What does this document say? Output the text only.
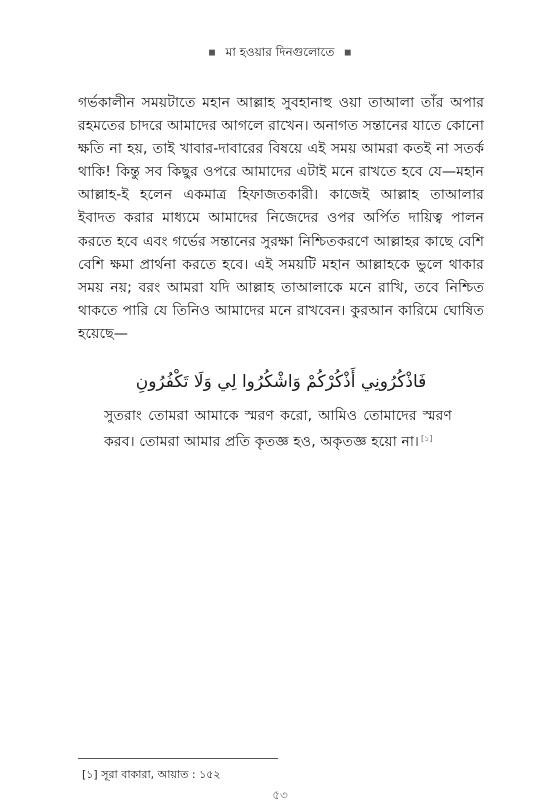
◼ মা হওয়ার দিনগুলোতে ◼

গর্ভকালীন সময়টাতে মহান আল্লাহ সুবহানাহু ওয়া তাআলা তাঁর অপার রহমতের চাদরে আমাদের আগলে রাখেন। অনাগত সন্তানের যাতে কোনো ক্ষতি না হয়, তাই খাবার-দাবারের বিষয়ে এই সময় আমরা কতই না সতর্ক থাকি! কিন্তু সব কিছুর ওপরে আমাদের এটাই মনে রাখতে হবে যে—মহান আল্লাহ-ই হলেন একমাত্র হিফাজতকারী। কাজেই আল্লাহ তাআলার ইবাদত করার মাধ্যমে আমাদের নিজেদের ওপর অর্পিত দায়িত্ব পালন করতে হবে এবং গর্ভের সন্তানের সুরক্ষা নিশ্চিতকরণে আল্লাহর কাছে বেশি বেশি ক্ষমা প্রার্থনা করতে হবে। এই সময়টি মহান আল্লাহকে ভুলে থাকার সময় নয়; বরং আমরা যদি আল্লাহ তাআলাকে মনে রাখি, তবে নিশ্চিত থাকতে পারি যে তিনিও আমাদের মনে রাখবেন। কুরআন কারিমে ঘোষিত হয়েছে—

فَاذْكُرُونِي أَذْكُرْكُمْ وَاشْكُرُوا لِي وَلَا تَكْفُرُونِ

সুতরাং তোমরা আমাকে স্মরণ করো, আমিও তোমাদের স্মরণ করব। তোমরা আমার প্রতি কৃতজ্ঞ হও, অকৃতজ্ঞ হয়ো না। [১]

[১] সূরা বাকারা, আয়াত : ১৫২
৫৩
